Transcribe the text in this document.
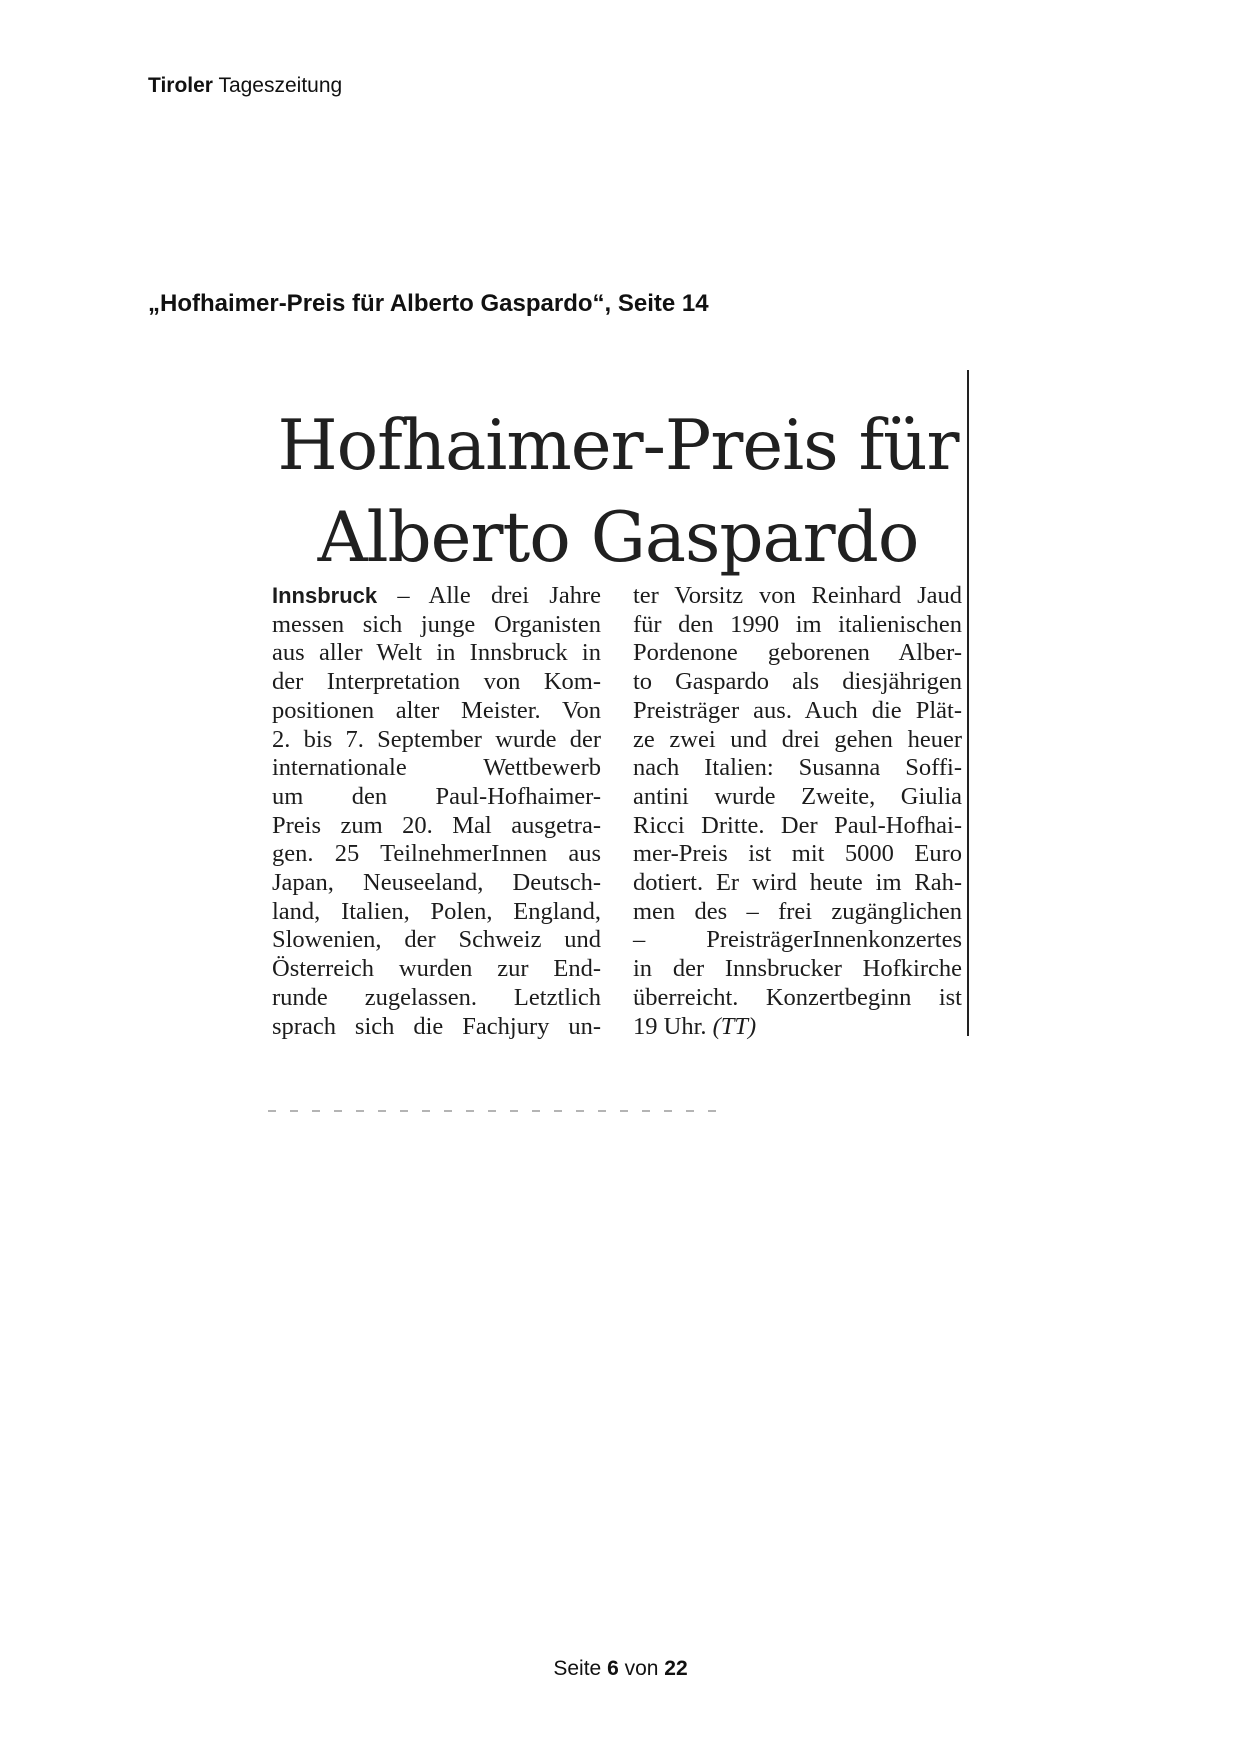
Tiroler Tageszeitung
„Hofhaimer-Preis für Alberto Gaspardo“, Seite 14
Hofhaimer-Preis für
Alberto Gaspardo
Innsbruck – Alle drei Jahre
messen sich junge Organisten
aus aller Welt in Innsbruck in
der Interpretation von Kom-
positionen alter Meister. Von
2. bis 7. September wurde der
internationale Wettbewerb
um den Paul-Hofhaimer-
Preis zum 20. Mal ausgetra-
gen. 25 TeilnehmerInnen aus
Japan, Neuseeland, Deutsch-
land, Italien, Polen, England,
Slowenien, der Schweiz und
Österreich wurden zur End-
runde zugelassen. Letztlich
sprach sich die Fachjury un-
ter Vorsitz von Reinhard Jaud
für den 1990 im italienischen
Pordenone geborenen Alber-
to Gaspardo als diesjährigen
Preisträger aus. Auch die Plät-
ze zwei und drei gehen heuer
nach Italien: Susanna Soffi-
antini wurde Zweite, Giulia
Ricci Dritte. Der Paul-Hofhai-
mer-Preis ist mit 5000 Euro
dotiert. Er wird heute im Rah-
men des – frei zugänglichen
– PreisträgerInnenkonzertes
in der Innsbrucker Hofkirche
überreicht. Konzertbeginn ist
19 Uhr. (TT)
Seite 6 von 22
